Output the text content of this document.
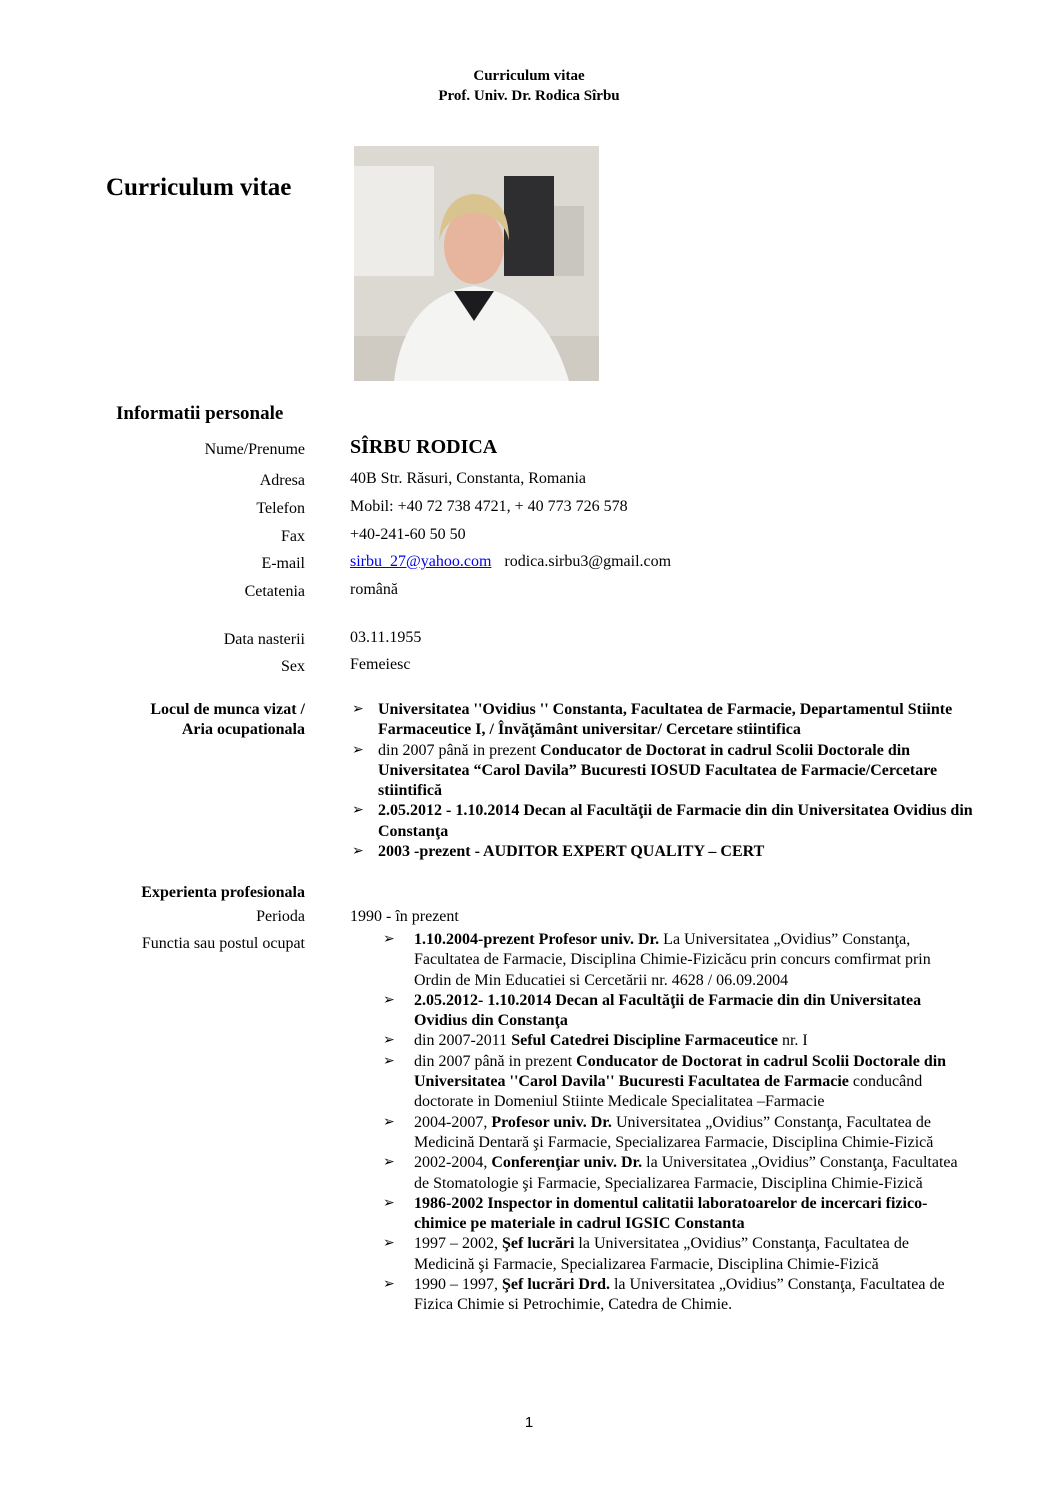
Curriculum vitae
Prof. Univ. Dr. Rodica Sîrbu
Curriculum vitae
Informatii personale
Nume/Prenume SÎRBU RODICA
Adresa	40B Str. Răsuri, Constanta, Romania
Telefon	Mobil: +40 72 738 4721, + 40 773 726 578
Fax	+40-241-60 50 50
E-mail	sirbu_27@yahoo.com rodica.sirbu3@gmail.com
Cetatenia	română
Data nasterii	03.11.1955
Sex	Femeiesc
Locul de munca vizat /
Aria ocupationala
➢ Universitatea ''Ovidius '' Constanta, Facultatea de Farmacie, Departamentul Stiinte Farmaceutice I, / Învăţământ universitar/ Cercetare stiintifica
➢ din 2007 până in prezent Conducator de Doctorat in cadrul Scolii Doctorale din Universitatea “Carol Davila” Bucuresti IOSUD Facultatea de Farmacie/Cercetare stiintifică
➢ 2.05.2012 - 1.10.2014 Decan al Facultăţii de Farmacie din din Universitatea Ovidius din Constanţa
➢ 2003 -prezent - AUDITOR EXPERT QUALITY – CERT
Experienta profesionala
Perioda	1990 - în prezent
Functia sau postul ocupat	➢ 1.10.2004-prezent Profesor univ. Dr. La Universitatea „Ovidius” Constanţa, Facultatea de Farmacie, Disciplina Chimie-Fizicăcu prin concurs comfirmat prin Ordin de Min Educatiei si Cercetării nr. 4628 / 06.09.2004
➢ 2.05.2012- 1.10.2014 Decan al Facultăţii de Farmacie din din Universitatea Ovidius din Constanţa
➢ din 2007-2011 Seful Catedrei Discipline Farmaceutice nr. I
➢ din 2007 până in prezent Conducator de Doctorat in cadrul Scolii Doctorale din Universitatea ''Carol Davila'' Bucuresti Facultatea de Farmacie conducând doctorate in Domeniul Stiinte Medicale Specialitatea –Farmacie
➢ 2004-2007, Profesor univ. Dr. Universitatea „Ovidius” Constanţa, Facultatea de Medicină Dentară şi Farmacie, Specializarea Farmacie, Disciplina Chimie-Fizică
➢ 2002-2004, Conferenţiar univ. Dr. la Universitatea „Ovidius” Constanţa, Facultatea de Stomatologie şi Farmacie, Specializarea Farmacie, Disciplina Chimie-Fizică
➢ 1986-2002 Inspector in domentul calitatii laboratoarelor de incercari fizico-chimice pe materiale in cadrul IGSIC Constanta
➢ 1997 – 2002, Şef lucrări la Universitatea „Ovidius” Constanţa, Facultatea de Medicină şi Farmacie, Specializarea Farmacie, Disciplina Chimie-Fizică
➢ 1990 – 1997, Şef lucrări Drd. la Universitatea „Ovidius” Constanţa, Facultatea de Fizica Chimie si Petrochimie, Catedra de Chimie.
1
